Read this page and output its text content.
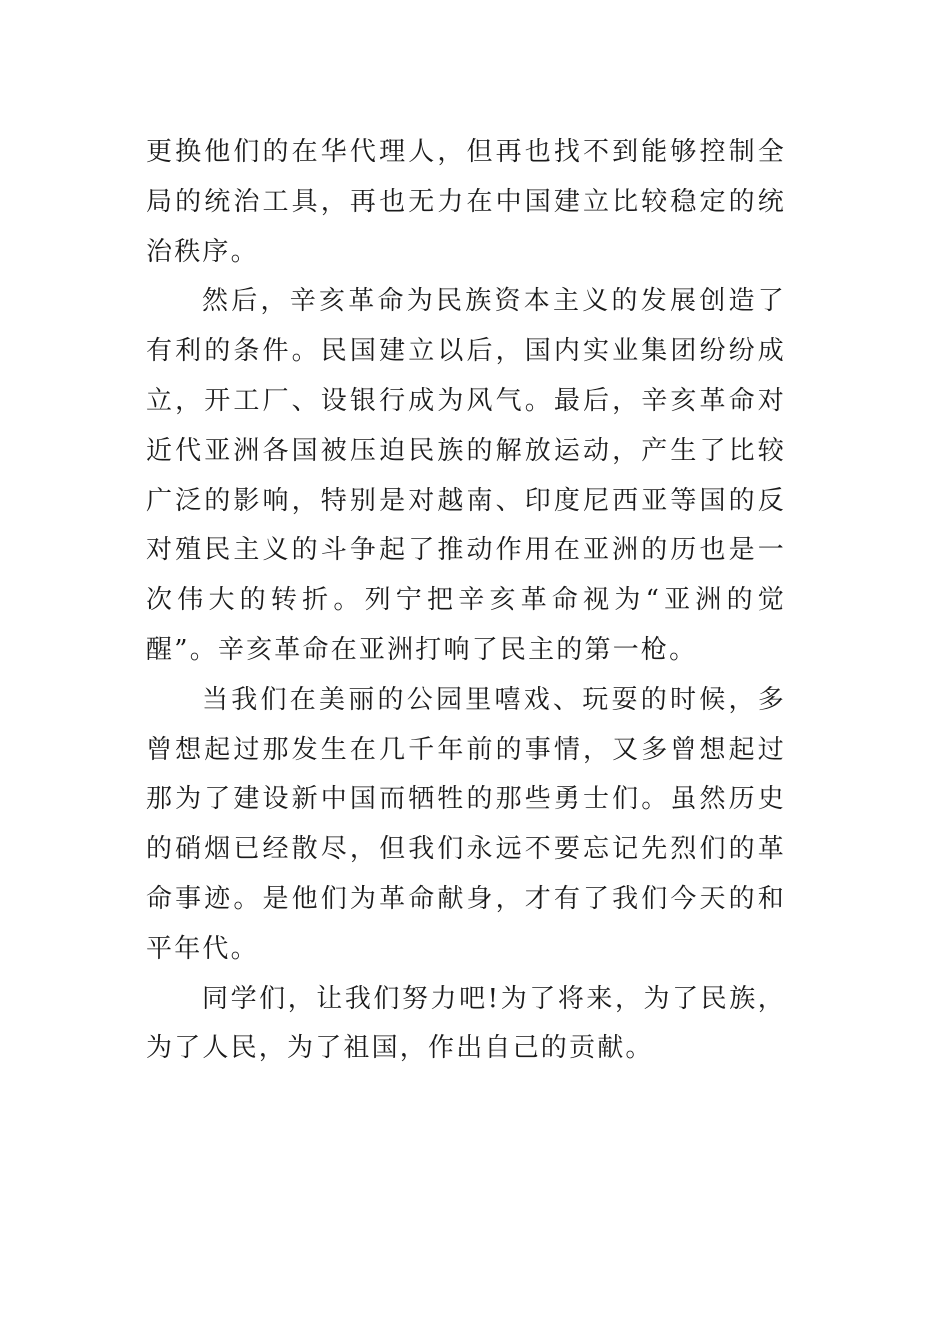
更换他们的在华代理人，但再也找不到能够控制全局的统治工具，再也无力在中国建立比较稳定的统治秩序。

然后，辛亥革命为民族资本主义的发展创造了有利的条件。民国建立以后，国内实业集团纷纷成立，开工厂、设银行成为风气。最后，辛亥革命对近代亚洲各国被压迫民族的解放运动，产生了比较广泛的影响，特别是对越南、印度尼西亚等国的反对殖民主义的斗争起了推动作用在亚洲的历也是一次伟大的转折。列宁把辛亥革命视为“亚洲的觉醒”。辛亥革命在亚洲打响了民主的第一枪。

当我们在美丽的公园里嘻戏、玩耍的时候，多曾想起过那发生在几千年前的事情，又多曾想起过那为了建设新中国而牺牲的那些勇士们。虽然历史的硝烟已经散尽，但我们永远不要忘记先烈们的革命事迹。是他们为革命献身，才有了我们今天的和平年代。

同学们，让我们努力吧!为了将来，为了民族，为了人民，为了祖国，作出自己的贡献。
